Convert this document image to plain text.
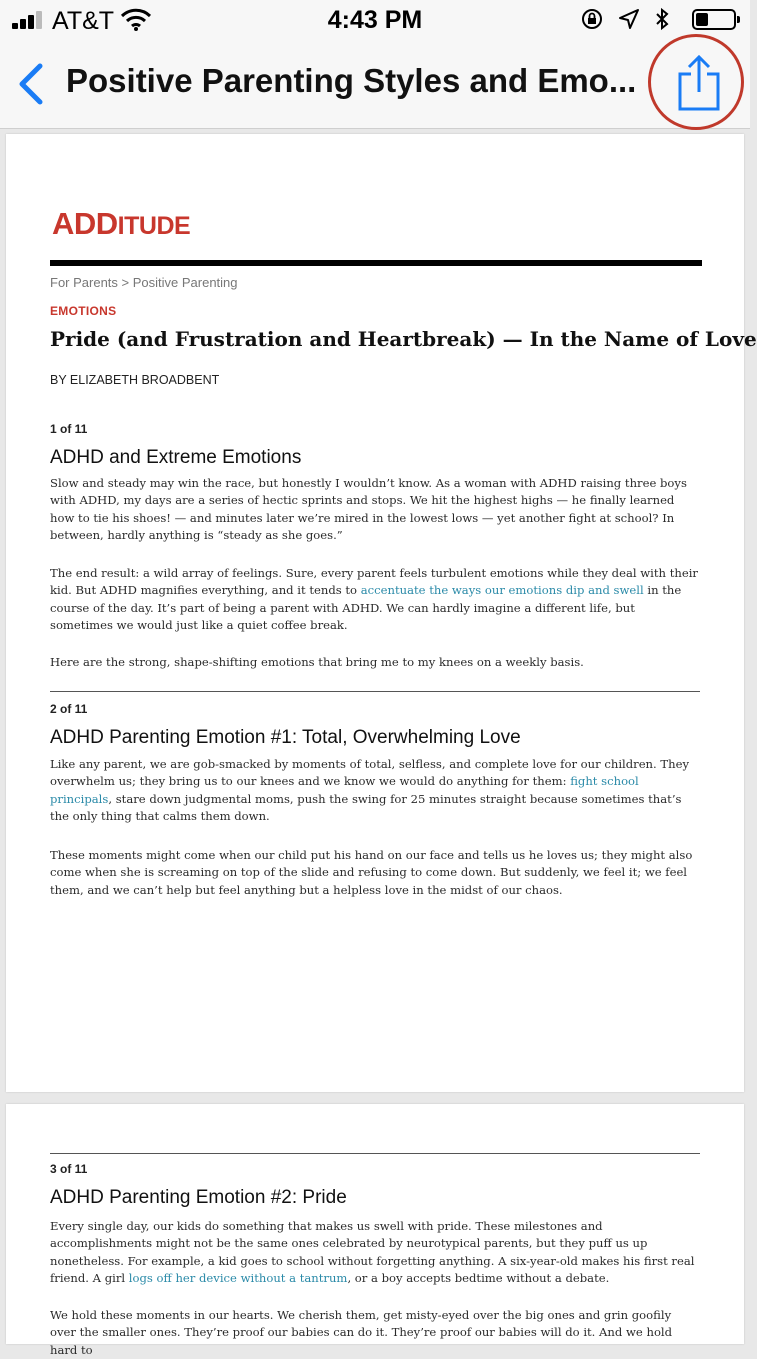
AT&T	4:43 PM
Positive Parenting Styles and Emo...
ADDITUDE
For Parents > Positive Parenting
EMOTIONS
Pride (and Frustration and Heartbreak) — In the Name of Love
BY ELIZABETH BROADBENT
1 of 11
ADHD and Extreme Emotions
Slow and steady may win the race, but honestly I wouldn’t know. As a woman with ADHD raising three boys with ADHD, my days are a series of hectic sprints and stops. We hit the highest highs — he finally learned how to tie his shoes! — and minutes later we’re mired in the lowest lows — yet another fight at school? In between, hardly anything is “steady as she goes.”
The end result: a wild array of feelings. Sure, every parent feels turbulent emotions while they deal with their kid. But ADHD magnifies everything, and it tends to accentuate the ways our emotions dip and swell in the course of the day. It’s part of being a parent with ADHD. We can hardly imagine a different life, but sometimes we would just like a quiet coffee break.
Here are the strong, shape-shifting emotions that bring me to my knees on a weekly basis.
2 of 11
ADHD Parenting Emotion #1: Total, Overwhelming Love
Like any parent, we are gob-smacked by moments of total, selfless, and complete love for our children. They overwhelm us; they bring us to our knees and we know we would do anything for them: fight school principals, stare down judgmental moms, push the swing for 25 minutes straight because sometimes that’s the only thing that calms them down.
These moments might come when our child put his hand on our face and tells us he loves us; they might also come when she is screaming on top of the slide and refusing to come down. But suddenly, we feel it; we feel them, and we can’t help but feel anything but a helpless love in the midst of our chaos.
3 of 11
ADHD Parenting Emotion #2: Pride
Every single day, our kids do something that makes us swell with pride. These milestones and accomplishments might not be the same ones celebrated by neurotypical parents, but they puff us up nonetheless. For example, a kid goes to school without forgetting anything. A six-year-old makes his first real friend. A girl logs off her device without a tantrum, or a boy accepts bedtime without a debate.
We hold these moments in our hearts. We cherish them, get misty-eyed over the big ones and grin goofily over the smaller ones. They’re proof our babies can do it. They’re proof our babies will do it. And we hold hard to
